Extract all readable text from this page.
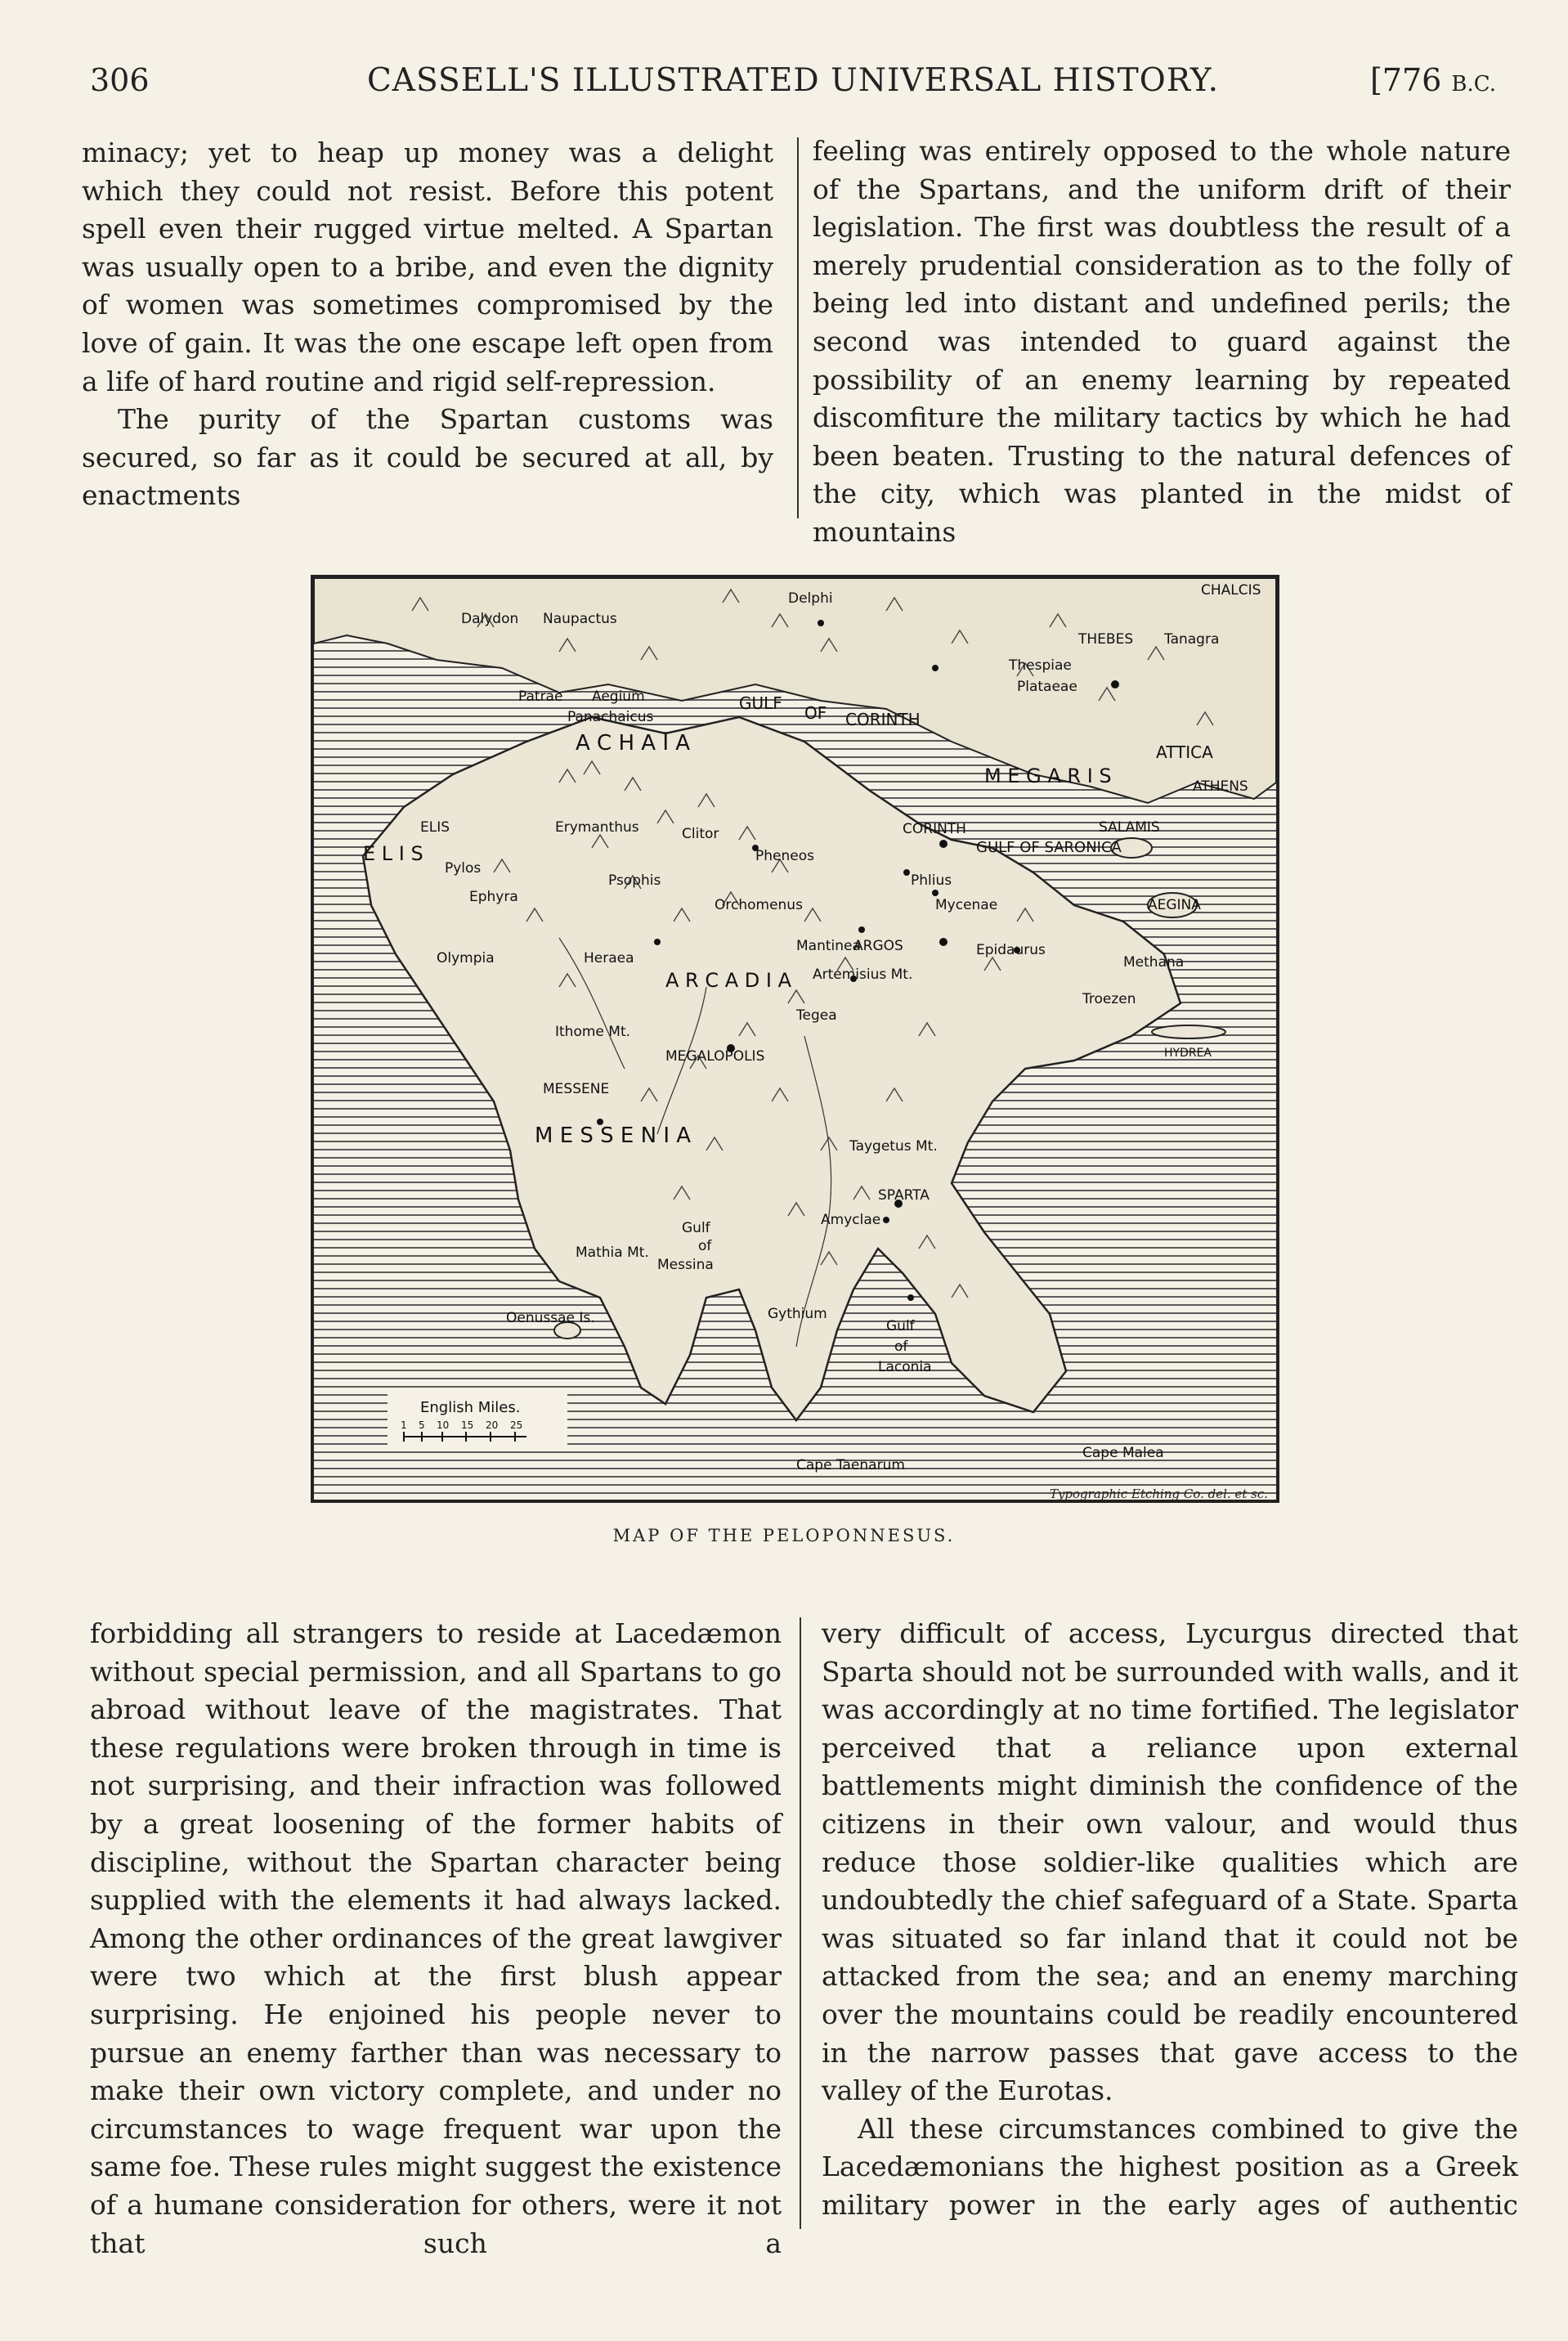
306	CASSELL'S ILLUSTRATED UNIVERSAL HISTORY.	[776 B.C.

minacy; yet to heap up money was a delight which they could not resist. Before this potent spell even their rugged virtue melted. A Spartan was usually open to a bribe, and even the dignity of women was sometimes compromised by the love of gain. It was the one escape left open from a life of hard routine and rigid self-repression.

The purity of the Spartan customs was secured, so far as it could be secured at all, by enactments

feeling was entirely opposed to the whole nature of the Spartans, and the uniform drift of their legislation. The first was doubtless the result of a merely prudential consideration as to the folly of being led into distant and undefined perils; the second was intended to guard against the possibility of an enemy learning by repeated discomfiture the military tactics by which he had been beaten. Trusting to the natural defences of the city, which was planted in the midst of mountains

CHALCIS
Delphi
Dalydon Naupactus
THEBES Tanagra
Thespiae
Plataeae
Patrae Aegium
Panachaicus
GULF OF CORINTH
A C H A I A
M E G A R I S	ATHENS
ATTICA
SALAMIS
ELIS	Erymanthus	Clitor
Pheneos
CORINTH
GULF OF SARONICA
E L I S
Pylos
Psophis
Ephyra	Orchomenus
Phlius
Mycenae	AEGINA
Olympia	Heraea
Mantinea
ARGOS	Epidaurus
Methana
A R C A D I A Artemisius Mt.
Troezen
Tegea
Ithome Mt.
MEGALOPOLIS	HYDREA
MESSENE
M E S S E N I A
SPARTA
Taygetus Mt.
Amyclae
Gulf
of
Messina
Mathia Mt.
Oenussae Is.	Gythium
Gulf
of
Laconia
Cape Malea
Cape Taenarum
English Miles.
1 5 10 15 20 25
Typographic Etching Co. del. et sc.
MAP OF THE PELOPONNESUS.

forbidding all strangers to reside at Lacedæmon without special permission, and all Spartans to go abroad without leave of the magistrates. That these regulations were broken through in time is not surprising, and their infraction was followed by a great loosening of the former habits of discipline, without the Spartan character being supplied with the elements it had always lacked. Among the other ordinances of the great lawgiver were two which at the first blush appear surprising. He enjoined his people never to pursue an enemy farther than was necessary to make their own victory complete, and under no circumstances to wage frequent war upon the same foe. These rules might suggest the existence of a humane consideration for others, were it not that such a

very difficult of access, Lycurgus directed that Sparta should not be surrounded with walls, and it was accordingly at no time fortified. The legislator perceived that a reliance upon external battlements might diminish the confidence of the citizens in their own valour, and would thus reduce those soldier-like qualities which are undoubtedly the chief safeguard of a State. Sparta was situated so far inland that it could not be attacked from the sea; and an enemy marching over the mountains could be readily encountered in the narrow passes that gave access to the valley of the Eurotas.

All these circumstances combined to give the Lacedæmonians the highest position as a Greek military power in the early ages of authentic
